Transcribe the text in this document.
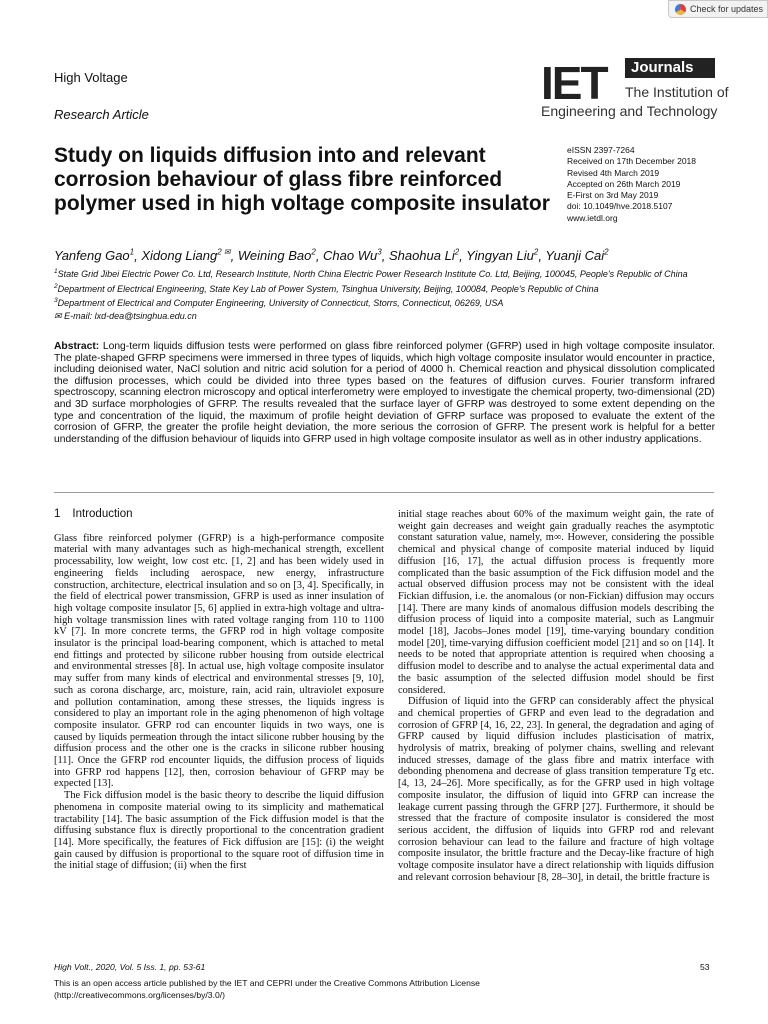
Check for updates
High Voltage
Research Article
IET	Journals
The Institution of
Engineering and Technology
Study on liquids diffusion into and relevant corrosion behaviour of glass fibre reinforced polymer used in high voltage composite insulator
eISSN 2397-7264
Received on 17th December 2018
Revised 4th March 2019
Accepted on 26th March 2019
E-First on 3rd May 2019
doi: 10.1049/hve.2018.5107
www.ietdl.org
Yanfeng Gao$^1$, Xidong Liang$^2$ ✉, Weining Bao$^2$, Chao Wu$^3$, Shaohua Li$^2$, Yingyan Liu$^2$, Yuanji Cai$^2$
$^1$State Grid Jibei Electric Power Co. Ltd, Research Institute, North China Electric Power Research Institute Co. Ltd, Beijing, 100045, People's Republic of China
$^2$Department of Electrical Engineering, State Key Lab of Power System, Tsinghua University, Beijing, 100084, People's Republic of China
$^3$Department of Electrical and Computer Engineering, University of Connecticut, Storrs, Connecticut, 06269, USA
✉ E-mail: lxd-dea@tsinghua.edu.cn
Abstract: Long-term liquids diffusion tests were performed on glass fibre reinforced polymer (GFRP) used in high voltage composite insulator. The plate-shaped GFRP specimens were immersed in three types of liquids, which high voltage composite insulator would encounter in practice, including deionised water, NaCl solution and nitric acid solution for a period of 4000 h. Chemical reaction and physical dissolution complicated the diffusion processes, which could be divided into three types based on the features of diffusion curves. Fourier transform infrared spectroscopy, scanning electron microscopy and optical interferometry were employed to investigate the chemical property, two-dimensional (2D) and 3D surface morphologies of GFRP. The results revealed that the surface layer of GFRP was destroyed to some extent depending on the type and concentration of the liquid, the maximum of profile height deviation of GFRP surface was proposed to evaluate the extent of the corrosion of GFRP, the greater the profile height deviation, the more serious the corrosion of GFRP. The present work is helpful for a better understanding of the diffusion behaviour of liquids into GFRP used in high voltage composite insulator as well as in other industry applications.
1 Introduction

Glass fibre reinforced polymer (GFRP) is a high-performance composite material with many advantages such as high-mechanical strength, excellent processability, low weight, low cost etc. [1, 2] and has been widely used in engineering fields including aerospace, new energy, infrastructure construction, architecture, electrical insulation and so on [3, 4]. Specifically, in the field of electrical power transmission, GFRP is used as inner insulation of high voltage composite insulator [5, 6] applied in extra-high voltage and ultra-high voltage transmission lines with rated voltage ranging from 110 to 1100 kV [7]. In more concrete terms, the GFRP rod in high voltage composite insulator is the principal load-bearing component, which is attached to metal end fittings and protected by silicone rubber housing from outside electrical and environmental stresses [8]. In actual use, high voltage composite insulator may suffer from many kinds of electrical and environmental stresses [9, 10], such as corona discharge, arc, moisture, rain, acid rain, ultraviolet exposure and pollution contamination, among these stresses, the liquids ingress is considered to play an important role in the aging phenomenon of high voltage composite insulator. GFRP rod can encounter liquids in two ways, one is caused by liquids permeation through the intact silicone rubber housing by the diffusion process and the other one is the cracks in silicone rubber housing [11]. Once the GFRP rod encounter liquids, the diffusion process of liquids into GFRP rod happens [12], then, corrosion behaviour of GFRP may be expected [13].

The Fick diffusion model is the basic theory to describe the liquid diffusion phenomena in composite material owing to its simplicity and mathematical tractability [14]. The basic assumption of the Fick diffusion model is that the diffusing substance flux is directly proportional to the concentration gradient [14]. More specifically, the features of Fick diffusion are [15]: (i) the weight gain caused by diffusion is proportional to the square root of diffusion time in the initial stage of diffusion; (ii) when the first

initial stage reaches about 60% of the maximum weight gain, the rate of weight gain decreases and weight gain gradually reaches the asymptotic constant saturation value, namely, m∞. However, considering the possible chemical and physical change of composite material induced by liquid diffusion [16, 17], the actual diffusion process is frequently more complicated than the basic assumption of the Fick diffusion model and the actual observed diffusion process may not be consistent with the ideal Fickian diffusion, i.e. the anomalous (or non-Fickian) diffusion may occurs [14]. There are many kinds of anomalous diffusion models describing the diffusion process of liquid into a composite material, such as Langmuir model [18], Jacobs–Jones model [19], time-varying boundary condition model [20], time-varying diffusion coefficient model [21] and so on [14]. It needs to be noted that appropriate attention is required when choosing a diffusion model to describe and to analyse the actual experimental data and the basic assumption of the selected diffusion model should be first considered.

Diffusion of liquid into the GFRP can considerably affect the physical and chemical properties of GFRP and even lead to the degradation and corrosion of GFRP [4, 16, 22, 23]. In general, the degradation and aging of GFRP caused by liquid diffusion includes plasticisation of matrix, hydrolysis of matrix, breaking of polymer chains, swelling and relevant induced stresses, damage of the glass fibre and matrix interface with debonding phenomena and decrease of glass transition temperature Tg etc. [4, 13, 24–26]. More specifically, as for the GFRP used in high voltage composite insulator, the diffusion of liquid into GFRP can increase the leakage current passing through the GFRP [27]. Furthermore, it should be stressed that the fracture of composite insulator is considered the most serious accident, the diffusion of liquids into GFRP rod and relevant corrosion behaviour can lead to the failure and fracture of high voltage composite insulator, the brittle fracture and the Decay-like fracture of high voltage composite insulator have a direct relationship with liquids diffusion and relevant corrosion behaviour [8, 28–30], in detail, the brittle fracture is

High Volt., 2020, Vol. 5 Iss. 1, pp. 53-61	53
This is an open access article published by the IET and CEPRI under the Creative Commons Attribution License
(http://creativecommons.org/licenses/by/3.0/)
